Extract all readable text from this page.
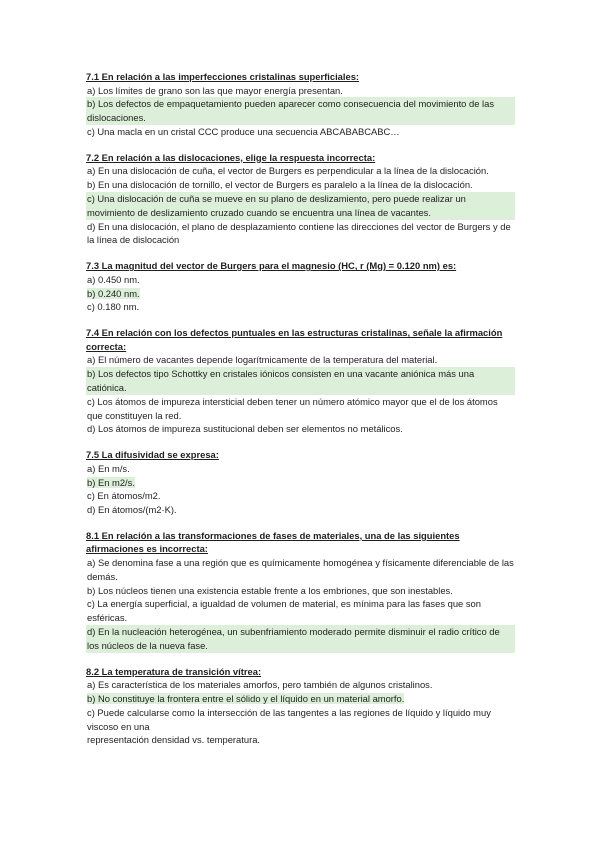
7.1 En relación a las imperfecciones cristalinas superficiales:

a) Los límites de grano son las que mayor energía presentan.

b) Los defectos de empaquetamiento pueden aparecer como consecuencia del movimiento de las dislocaciones.

c) Una macla en un cristal CCC produce una secuencia ABCABABCABC…

7.2 En relación a las dislocaciones, elige la respuesta incorrecta:

a) En una dislocación de cuña, el vector de Burgers es perpendicular a la línea de la dislocación.

b) En una dislocación de tornillo, el vector de Burgers es paralelo a la línea de la dislocación.

c) Una dislocación de cuña se mueve en su plano de deslizamiento, pero puede realizar un movimiento de deslizamiento cruzado cuando se encuentra una línea de vacantes.

d) En una dislocación, el plano de desplazamiento contiene las direcciones del vector de Burgers y de la línea de dislocación

7.3 La magnitud del vector de Burgers para el magnesio (HC, r (Mg) = 0.120 nm) es:

a) 0.450 nm.

b) 0.240 nm.

c) 0.180 nm.

7.4 En relación con los defectos puntuales en las estructuras cristalinas, señale la afirmación correcta:

a) El número de vacantes depende logarítmicamente de la temperatura del material.

b) Los defectos tipo Schottky en cristales iónicos consisten en una vacante aniónica más una catiónica.

c) Los átomos de impureza intersticial deben tener un número atómico mayor que el de los átomos que constituyen la red.

d) Los átomos de impureza sustitucional deben ser elementos no metálicos.

7.5 La difusividad se expresa:

a) En m/s.

b) En m2/s.

c) En átomos/m2.

d) En átomos/(m2·K).

8.1 En relación a las transformaciones de fases de materiales, una de las siguientes afirmaciones es incorrecta:

a) Se denomina fase a una región que es químicamente homogénea y físicamente diferenciable de las demás.

b) Los núcleos tienen una existencia estable frente a los embriones, que son inestables.

c) La energía superficial, a igualdad de volumen de material, es mínima para las fases que son esféricas.

d) En la nucleación heterogénea, un subenfriamiento moderado permite disminuir el radio crítico de los núcleos de la nueva fase.

8.2 La temperatura de transición vítrea:

a) Es característica de los materiales amorfos, pero también de algunos cristalinos.

b) No constituye la frontera entre el sólido y el líquido en un material amorfo.

c) Puede calcularse como la intersección de las tangentes a las regiones de líquido y líquido muy viscoso en una

representación densidad vs. temperatura.
